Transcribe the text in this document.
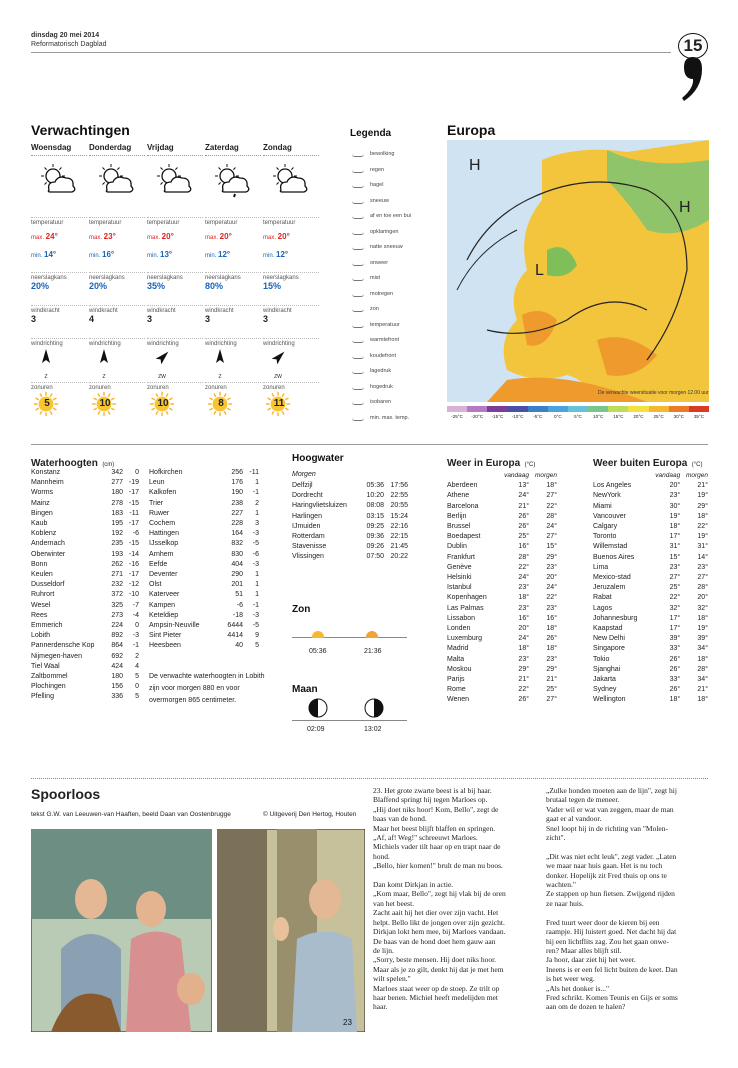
dinsdag 20 mei 2014
Reformatorisch Dagblad	15
Verwachtingen
Woensdag
temperatuur
max. 24°
min. 14°
neerslagkans
20%
windkracht
3
windrichting
Z
zonuren
5
Donderdag
temperatuur
max. 23°
min. 16°
neerslagkans
20%
windkracht
4
windrichting
Z
zonuren
10
Vrijdag
temperatuur
max. 20°
min. 13°
neerslagkans
35%
windkracht
3
windrichting
ZW
zonuren
10
Zaterdag
temperatuur
max. 20°
min. 12°
neerslagkans
80%
windkracht
3
windrichting
Z
zonuren
8
Zondag
temperatuur
max. 20°
min. 12°
neerslagkans
15%
windkracht
3
windrichting
ZW
zonuren
11
Legenda
bewolking
regen
hagel
sneeuw
af en toe een bui
opklaringen
natte sneeuw
onweer
mist
motregen
zon
temperatuur
warmtefront
koudefront
lagedruk
hogedruk
isobaren
min. max. temp.
Europa
H
H
L
-25°C	-20°C	-15°C	-10°C	-5°C	0°C	5°C	10°C	15°C	20°C	25°C	30°C	35°C
De verwachte weersituatie voor morgen 12.00 uur
Waterhoogten (cm)
Konstanz	342	0
Mannheim	277	-19
Worms	180	-17
Mainz	278	-15
Bingen	183	-11
Kaub	195	-17
Koblenz	192	-6
Andernach	235	-15
Oberwinter	193	-14
Bonn	262	-16
Keulen	271	-17
Dusseldorf	232	-12
Ruhrort	372	-10
Wesel	325	-7
Rees	273	-4
Emmerich	224	0
Lobith	892	-3
Pannerdensche Kop	864	-1
Nijmegen-haven	692	2
Tiel Waal	424	4
Zaltbommel	180	5
Plochingen	156	0
Pfelling	336	5
Hofkirchen	256	-11
Leun	176	1
Kalkofen	190	-1
Trier	238	2
Ruwer	227	1
Cochem	228	3
Hattingen	164	-3
IJsselkop	832	-5
Arnhem	830	-6
Eefde	404	-3
Deventer	290	1
Olst	201	1
Katerveer	51	1
Kampen	-6	-1
Keteldiep	-18	-3
Ampsin-Neuville	6444	-5
Sint Pieter	4414	9
Heesbeen	40	5
De verwachte waterhoogten in Lobith zijn voor morgen 880 en voor overmorgen 865 centimeter.
Hoogwater
Morgen
Delfzijl	05:36	17:56
Dordrecht	10:20	22:55
Haringvlietsluizen	08:08	20:55
Harlingen	03:15	15:24
IJmuiden	09:25	22:16
Rotterdam	09:36	22:15
Stavenisse	09:26	21:45
Vlissingen	07:50	20:22
Zon
05:36	21:36
Maan
02:09	13:02
Weer in Europa (°C)
	vandaag	morgen
Aberdeen	13°	18°
Athene	24°	27°
Barcelona	21°	22°
Berlijn	26°	28°
Brussel	26°	24°
Boedapest	25°	27°
Dublin	16°	15°
Frankfurt	28°	29°
Genève	22°	23°
Helsinki	24°	20°
Istanbul	23°	24°
Kopenhagen	18°	22°
Las Palmas	23°	23°
Lissabon	16°	16°
Londen	20°	18°
Luxemburg	24°	26°
Madrid	18°	18°
Malta	23°	23°
Moskou	29°	29°
Parijs	21°	21°
Rome	22°	25°
Wenen	26°	27°
Weer buiten Europa (°C)
	vandaag	morgen
Los Angeles	20°	21°
NewYork	23°	19°
Miami	30°	29°
Vancouver	19°	18°
Calgary	18°	22°
Toronto	17°	19°
Willemstad	31°	31°
Buenos Aires	15°	14°
Lima	23°	23°
Mexico-stad	27°	27°
Jeruzalem	25°	28°
Rabat	22°	20°
Lagos	32°	32°
Johannesburg	17°	18°
Kaapstad	17°	19°
New Delhi	39°	39°
Singapore	33°	34°
Tokio	26°	18°
Sjanghai	26°	28°
Jakarta	33°	34°
Sydney	26°	21°
Wellington	18°	18°
Spoorloos
tekst G.W. van Leeuwen-van Haaften, beeld Daan van Oostenbrugge	© Uitgeverij Den Hertog, Houten
23
23. Het grote zwarte beest is al bij haar.
Blaffend springt hij tegen Marloes op.
„Hij doet niks hoor! Kom, Bello", zegt de
baas van de hond.
Maar het beest blijft blaffen en springen.
„Af, af! Weg!" schreeuwt Marloes.
Michiels vader tilt haar op en trapt naar de
hond.
„Bello, hier komen!" brult de man nu boos.

Dan komt Dirkjan in actie.
„Kom maar, Bello", zegt hij vlak bij de oren
van het beest.
Zacht aait hij het dier over zijn vacht. Het
helpt. Bello likt de jongen over zijn gezicht.
Dirkjan lokt hem mee, bij Marloes vandaan.
De baas van de hond doet hem gauw aan
de lijn.
„Sorry, beste mensen. Hij doet niks hoor.
Maar als je zo gilt, denkt hij dat je met hem
wilt spelen."
Marloes staat weer op de stoep. Ze trilt op
haar benen. Michiel heeft medelijden met
haar.
„Zulke honden moeten aan de lijn", zegt hij
brutaal tegen de meneer.
Vader wil er wat van zeggen, maar de man
gaat er al vandoor.
Snel loopt hij in de richting van "Molen-
zicht".

„Dit was niet echt leuk", zegt vader. „Laten
we maar naar huis gaan. Het is nu toch
donker. Hopelijk zit Fred thuis op ons te
wachten."
Ze stappen op hun fietsen. Zwijgend rijden
ze naar huis.

Fred tuurt weer door de kieren bij een
raampje. Hij luistert goed. Net dacht hij dat
hij een lichtflits zag. Zou het gaan onwe-
ren? Maar alles blijft stil.
Ja hoor, daar ziet hij het weer.
Ineens is er een fel licht buiten de keet. Dan
is het weer weg.
„Als het donker is..."
Fred schrikt. Komen Teunis en Gijs er soms
aan om de dozen te halen?
